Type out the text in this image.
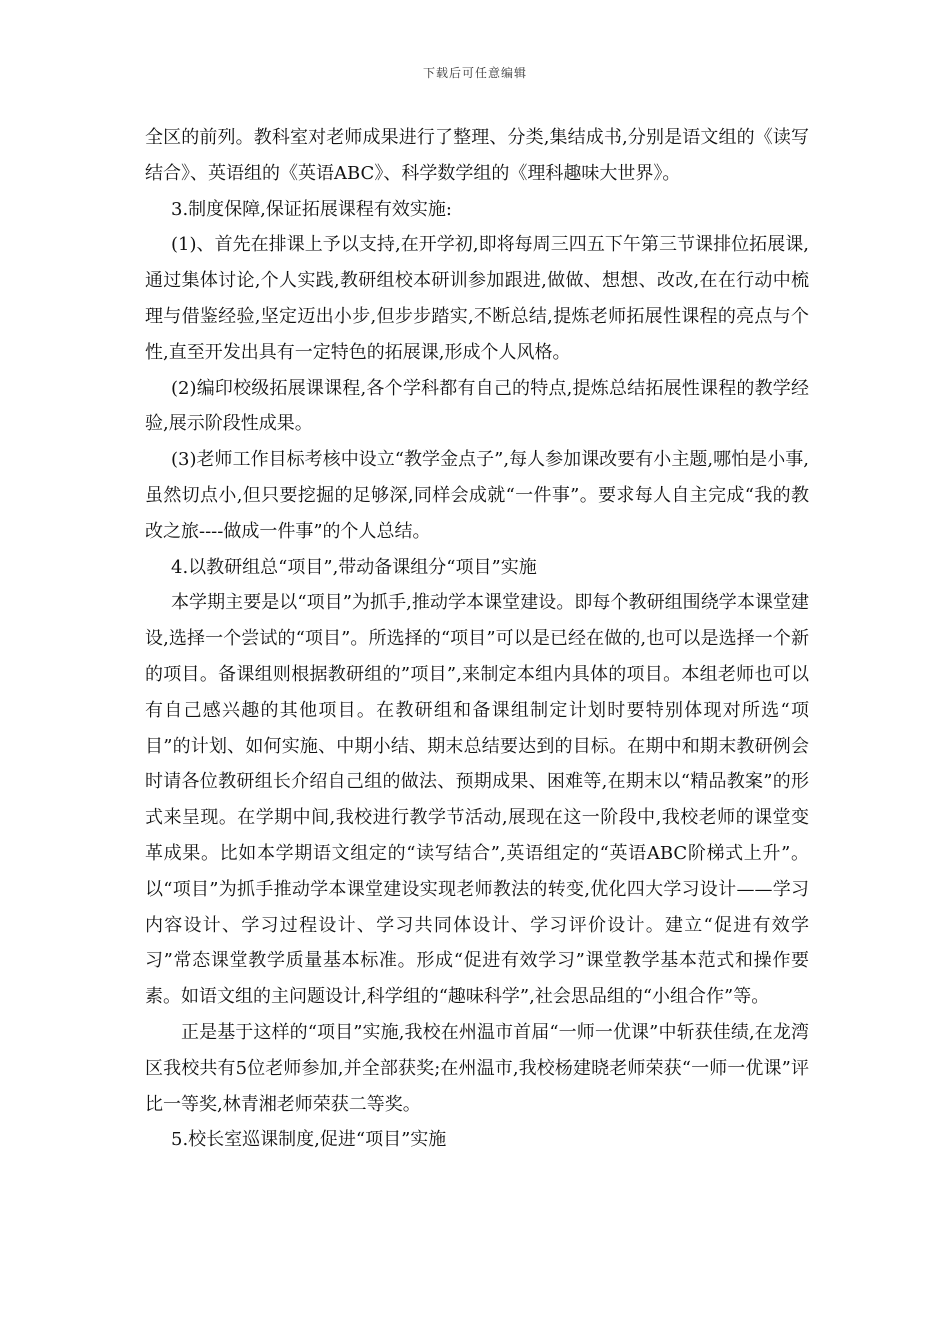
下载后可任意编辑

全区的前列。教科室对老师成果进行了整理、分类,集结成书,分别是语文组的《读写结合》、英语组的《英语ABC》、科学数学组的《理科趣味大世界》。

3.制度保障,保证拓展课程有效实施:

(1)、首先在排课上予以支持,在开学初,即将每周三四五下午第三节课排位拓展课,通过集体讨论,个人实践,教研组校本研训参加跟进,做做、想想、改改,在在行动中梳理与借鉴经验,坚定迈出小步,但步步踏实,不断总结,提炼老师拓展性课程的亮点与个性,直至开发出具有一定特色的拓展课,形成个人风格。

(2)编印校级拓展课课程,各个学科都有自己的特点,提炼总结拓展性课程的教学经验,展示阶段性成果。

(3)老师工作目标考核中设立“教学金点子”,每人参加课改要有小主题,哪怕是小事,虽然切点小,但只要挖掘的足够深,同样会成就“一件事”。要求每人自主完成“我的教改之旅----做成一件事”的个人总结。

4.以教研组总“项目”,带动备课组分“项目”实施

本学期主要是以“项目”为抓手,推动学本课堂建设。即每个教研组围绕学本课堂建设,选择一个尝试的“项目”。所选择的“项目”可以是已经在做的,也可以是选择一个新的项目。备课组则根据教研组的”项目”,来制定本组内具体的项目。本组老师也可以有自己感兴趣的其他项目。在教研组和备课组制定计划时要特别体现对所选“项目”的计划、如何实施、中期小结、期末总结要达到的目标。在期中和期末教研例会时请各位教研组长介绍自己组的做法、预期成果、困难等,在期末以“精品教案”的形式来呈现。在学期中间,我校进行教学节活动,展现在这一阶段中,我校老师的课堂变革成果。比如本学期语文组定的“读写结合”,英语组定的“英语ABC阶梯式上升”。以“项目”为抓手推动学本课堂建设实现老师教法的转变,优化四大学习设计——学习内容设计、学习过程设计、学习共同体设计、学习评价设计。建立“促进有效学习”常态课堂教学质量基本标准。形成“促进有效学习”课堂教学基本范式和操作要素。如语文组的主问题设计,科学组的“趣味科学”,社会思品组的“小组合作”等。

正是基于这样的“项目”实施,我校在州温市首届“一师一优课”中斩获佳绩,在龙湾区我校共有5位老师参加,并全部获奖;在州温市,我校杨建晓老师荣获“一师一优课”评比一等奖,林青湘老师荣获二等奖。

5.校长室巡课制度,促进“项目”实施
